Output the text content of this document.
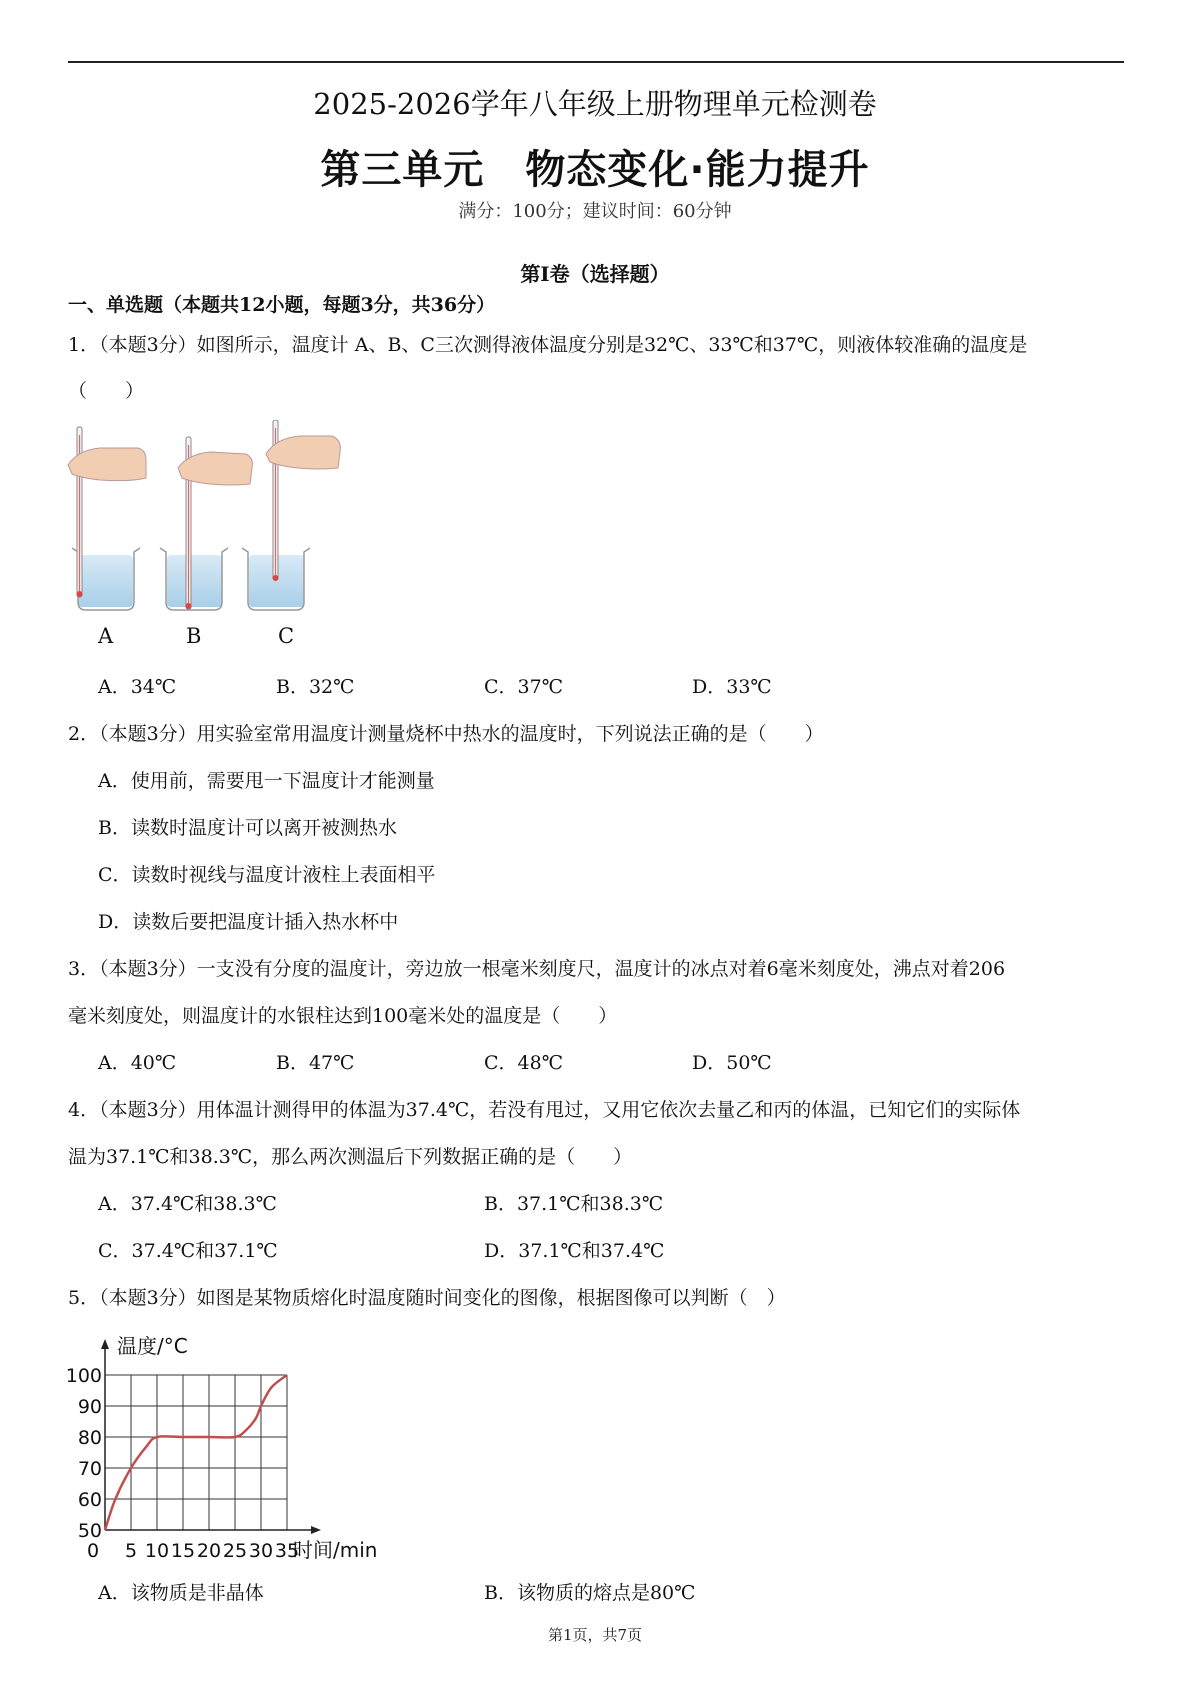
2025-2026学年八年级上册物理单元检测卷
第三单元　物态变化·能力提升
满分：100分；建议时间：60分钟
第Ⅰ卷（选择题）
一、单选题（本题共12小题，每题3分，共36分）
1．（本题3分）如图所示，温度计 A、B、C三次测得液体温度分别是32℃、33℃和37℃，则液体较准确的温度是
（　　）
A	B	C
A．34℃	B．32℃	C．37℃	D．33℃
2．（本题3分）用实验室常用温度计测量烧杯中热水的温度时，下列说法正确的是（　　）
A．使用前，需要甩一下温度计才能测量
B．读数时温度计可以离开被测热水
C．读数时视线与温度计液柱上表面相平
D．读数后要把温度计插入热水杯中
3．（本题3分）一支没有分度的温度计，旁边放一根毫米刻度尺，温度计的冰点对着6毫米刻度处，沸点对着206
毫米刻度处，则温度计的水银柱达到100毫米处的温度是（　　）
A．40℃	B．47℃	C．48℃	D．50℃
4．（本题3分）用体温计测得甲的体温为37.4℃，若没有甩过，又用它依次去量乙和丙的体温，已知它们的实际体
温为37.1℃和38.3℃，那么两次测温后下列数据正确的是（　　）
A．37.4℃和38.3℃	B．37.1℃和38.3℃
C．37.4℃和37.1℃	D．37.1℃和37.4℃
5．（本题3分）如图是某物质熔化时温度随时间变化的图像，根据图像可以判断（　）
50
60
70
80
90
100
0 5 10 15 20 25 30 35
温度/°C
时间/min
A．该物质是非晶体	B．该物质的熔点是80℃
第1页，共7页
